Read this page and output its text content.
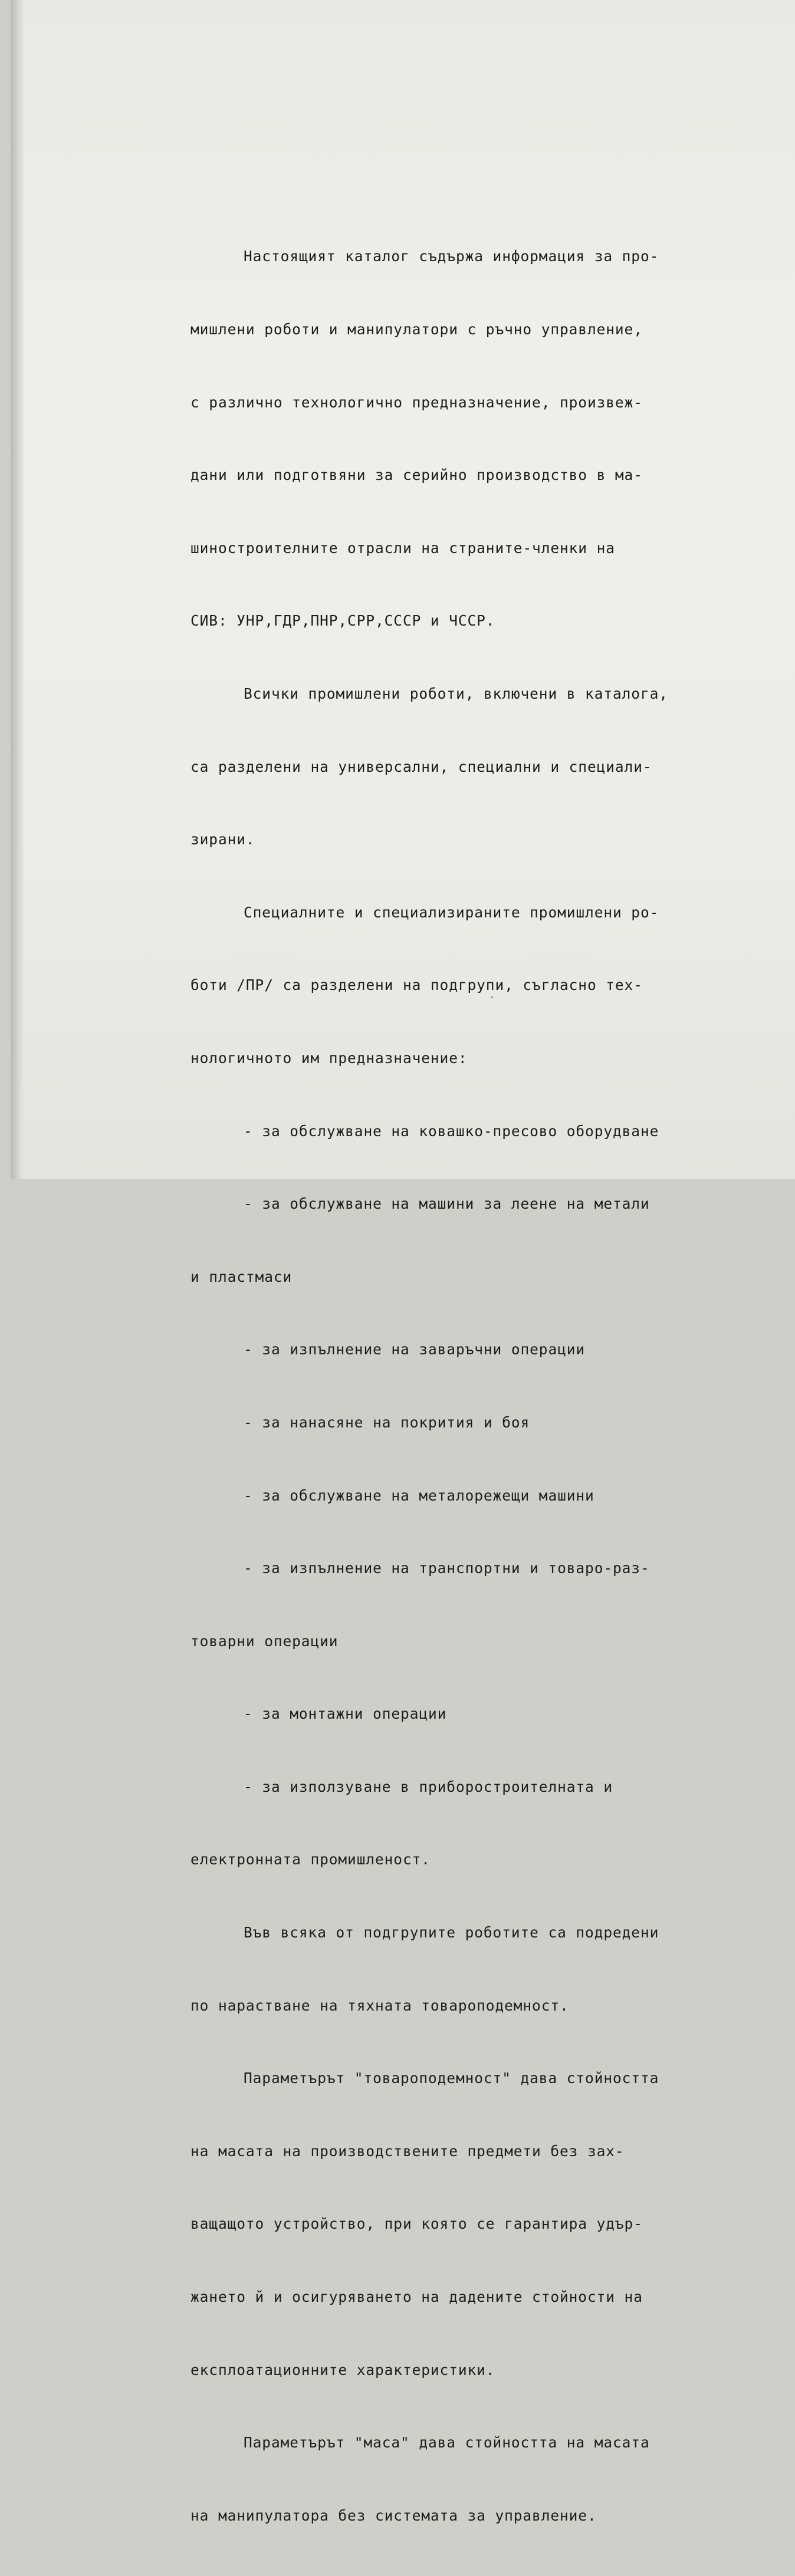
Настоящият каталог съдържа информация за про-

мишлени роботи и манипулатори с ръчно управление,

с различно технологично предназначение, произвеж-

дани или подготвяни за серийно производство в ма-

шиностроителните отрасли на страните-членки на

СИВ: УНР,ГДР,ПНР,СРР,СССР и ЧССР.

Всички промишлени роботи, включени в каталога,

са разделени на универсални, специални и специали-

зирани.

Специалните и специализираните промишлени ро-

боти /ПР/ са разделени на подгрупи, съгласно тех-

нологичното им предназначение:

- за обслужване на ковашко-пресово оборудване

- за обслужване на машини за леене на метали

и пластмаси

- за изпълнение на заваръчни операции

- за нанасяне на покрития и боя

- за обслужване на металорежещи машини

- за изпълнение на транспортни и товаро-раз-

товарни операции

- за монтажни операции

- за използуване в приборостроителната и

електронната промишленост.

Във всяка от подгрупите роботите са подредени

по нарастване на тяхната товароподемност.

Параметърът "товароподемност" дава стойността

на масата на производствените предмети без зах-

ващащото устройство, при която се гарантира удър-

жането й и осигуряването на дадените стойности на

експлоатационните характеристики.

Параметърът "маса" дава стойността на масата

на манипулатора без системата за управление.
